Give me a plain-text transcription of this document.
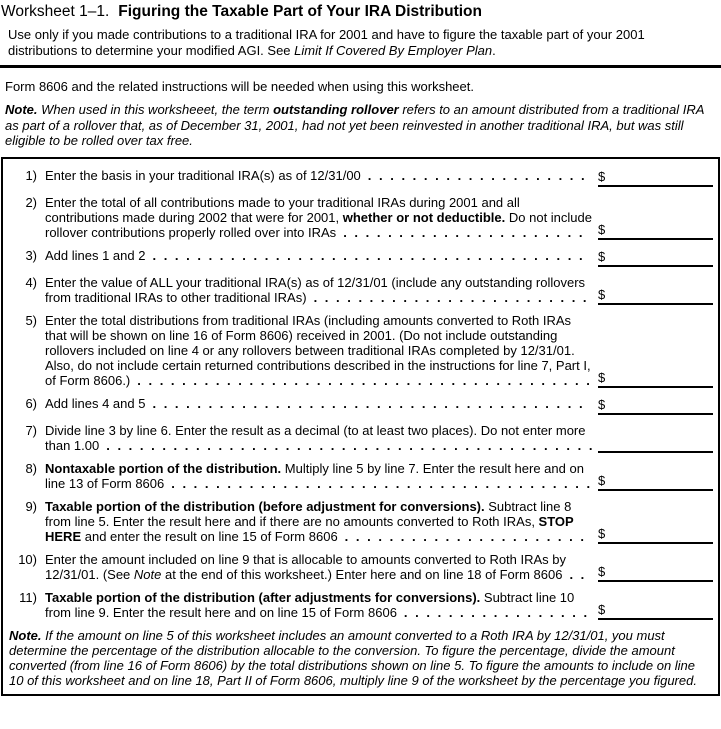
Worksheet 1–1. Figuring the Taxable Part of Your IRA Distribution
Use only if you made contributions to a traditional IRA for 2001 and have to figure the taxable part of your 2001 distributions to determine your modified AGI. See Limit If Covered By Employer Plan.
Form 8606 and the related instructions will be needed when using this worksheet.
Note. When used in this worksheeet, the term outstanding rollover refers to an amount distributed from a traditional IRA as part of a rollover that, as of December 31, 2001, had not yet been reinvested in another traditional IRA, but was still eligible to be rolled over tax free.
1) Enter the basis in your traditional IRA(s) as of 12/31/00 . . . . . . . . . . . . . . . . . . . .	$
2) Enter the total of all contributions made to your traditional IRAs during 2001 and all contributions made during 2002 that were for 2001, whether or not deductible. Do not include rollover contributions properly rolled over into IRAs . . . . . . . . . . . . . . . . . . . . . .	$
3) Add lines 1 and 2 . . . . . . . . . . . . . . . . . . . . . . . . . . . . . . . . . . . . . . .	$
4) Enter the value of ALL your traditional IRA(s) as of 12/31/01 (include any outstanding rollovers from traditional IRAs to other traditional IRAs) . . . . . . . . . . . . . . . . . . . . . . . . . $
5) Enter the total distributions from traditional IRAs (including amounts converted to Roth IRAs that will be shown on line 16 of Form 8606) received in 2001. (Do not include outstanding rollovers included on line 4 or any rollovers between traditional IRAs completed by 12/31/01. Also, do not include certain returned contributions described in the instructions for line 7, Part I, of Form 8606.) . . . . . . . . . . . . . . . . . . . . . . . . . . . . . . . . . . . . . . . . . $
6) Add lines 4 and 5 . . . . . . . . . . . . . . . . . . . . . . . . . . . . . . . . . . . . . . .	$
7) Divide line 3 by line 6. Enter the result as a decimal (to at least two places). Do not enter more than 1.00 . . . . . . . . . . . . . . . . . . . . . . . . . . . . . . . . . . . . . . . . . . . .
8) Nontaxable portion of the distribution. Multiply line 5 by line 7. Enter the result here and on line 13 of Form 8606 . . . . . . . . . . . . . . . . . . . . . . . . . . . . . . . . . . . . . . $
9) Taxable portion of the distribution (before adjustment for conversions). Subtract line 8 from line 5. Enter the result here and if there are no amounts converted to Roth IRAs, STOP HERE and enter the result on line 15 of Form 8606 . . . . . . . . . . . . . . . . . . . . . .	$
10) Enter the amount included on line 9 that is allocable to amounts converted to Roth IRAs by 12/31/01. (See Note at the end of this worksheet.) Enter here and on line 18 of Form 8606 . .	$
11) Taxable portion of the distribution (after adjustments for conversions). Subtract line 10 from line 9. Enter the result here and on line 15 of Form 8606 . . . . . . . . . . . . . . . . . $
Note. If the amount on line 5 of this worksheet includes an amount converted to a Roth IRA by 12/31/01, you must determine the percentage of the distribution allocable to the conversion. To figure the percentage, divide the amount converted (from line 16 of Form 8606) by the total distributions shown on line 5. To figure the amounts to include on line 10 of this worksheet and on line 18, Part II of Form 8606, multiply line 9 of the worksheet by the percentage you figured.
